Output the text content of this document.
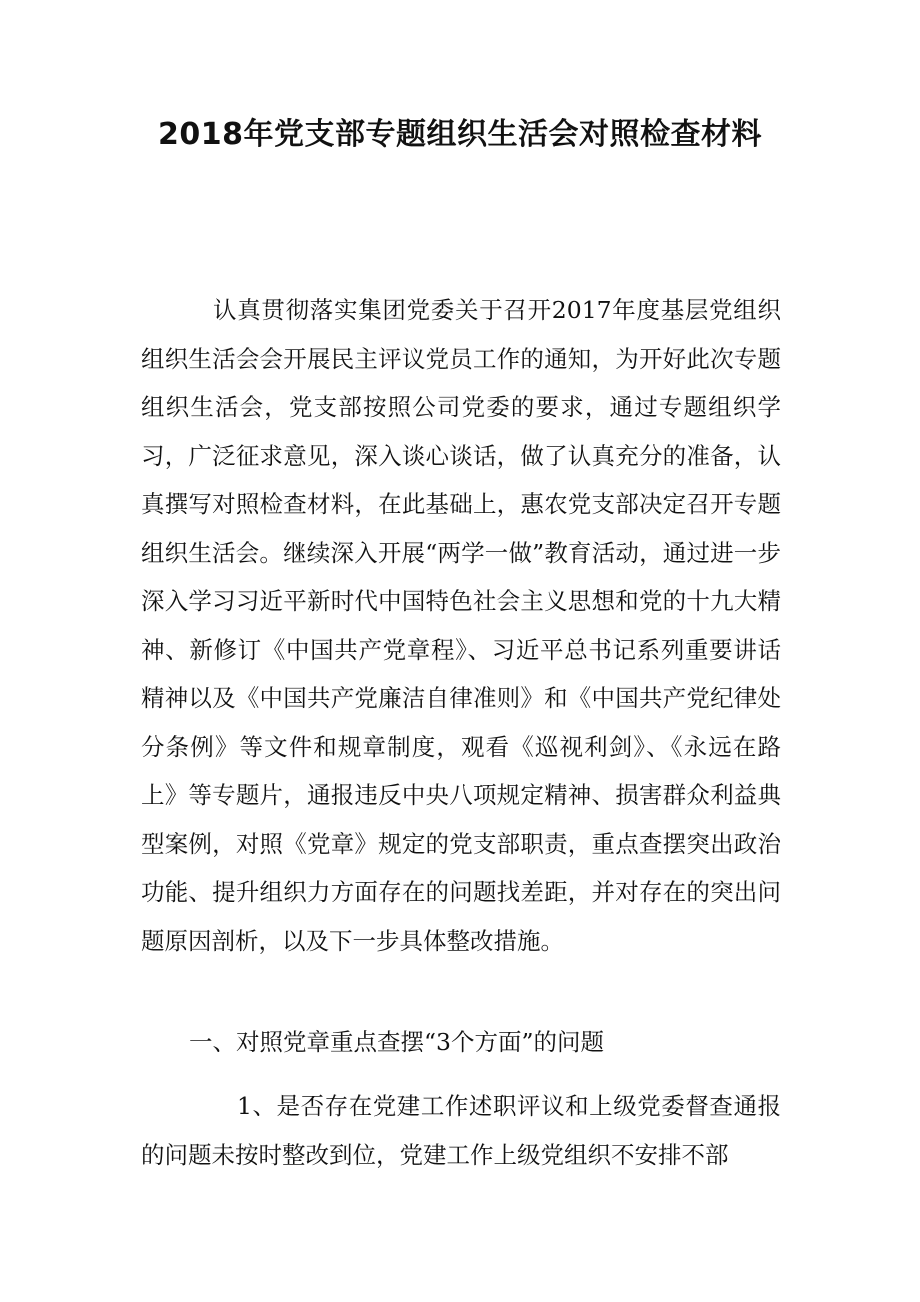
2018年党支部专题组织生活会对照检查材料

认真贯彻落实集团党委关于召开2017年度基层党组织组织生活会会开展民主评议党员工作的通知，为开好此次专题组织生活会，党支部按照公司党委的要求，通过专题组织学习，广泛征求意见，深入谈心谈话，做了认真充分的准备，认真撰写对照检查材料，在此基础上，惠农党支部决定召开专题组织生活会。继续深入开展“两学一做”教育活动，通过进一步深入学习习近平新时代中国特色社会主义思想和党的十九大精神、新修订《中国共产党章程》、习近平总书记系列重要讲话精神以及《中国共产党廉洁自律准则》和《中国共产党纪律处分条例》等文件和规章制度，观看《巡视利剑》、《永远在路上》等专题片，通报违反中央八项规定精神、损害群众利益典型案例，对照《党章》规定的党支部职责，重点查摆突出政治功能、提升组织力方面存在的问题找差距，并对存在的突出问题原因剖析，以及下一步具体整改措施。

一、对照党章重点查摆“3个方面”的问题

1、是否存在党建工作述职评议和上级党委督查通报的问题未按时整改到位，党建工作上级党组织不安排不部
